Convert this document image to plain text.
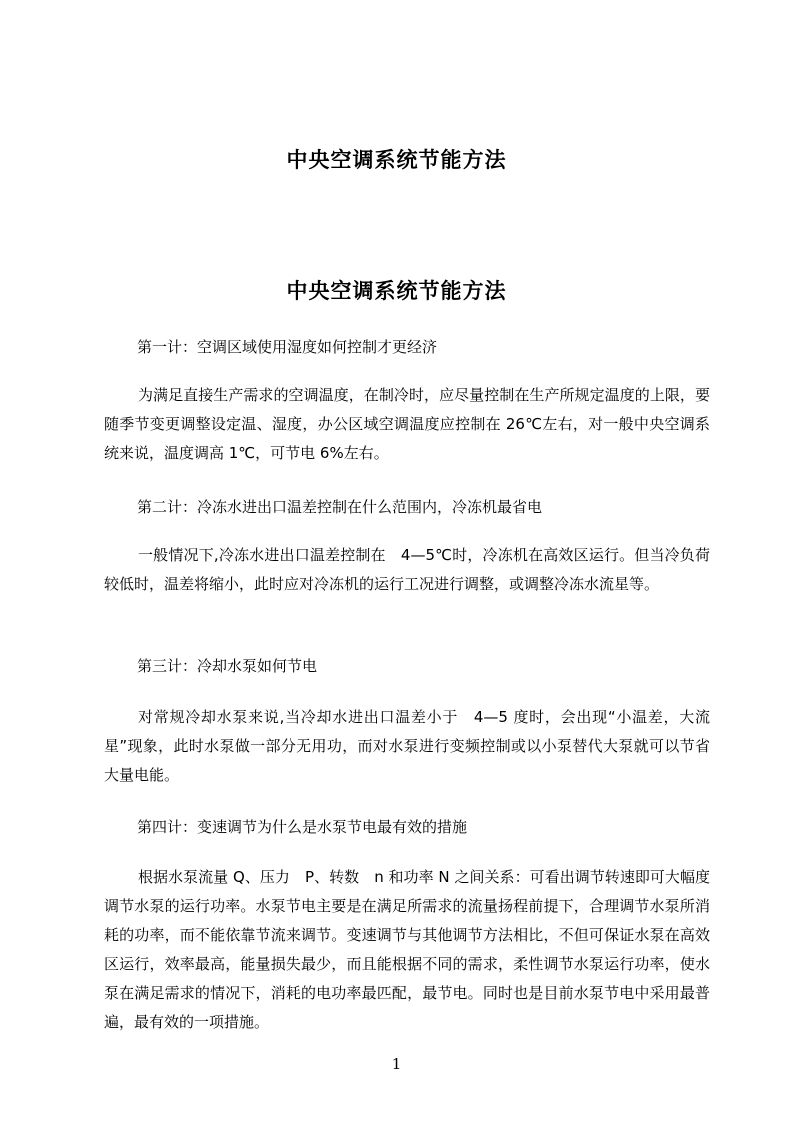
中央空调系统节能方法
中央空调系统节能方法

第一计：空调区域使用湿度如何控制才更经济

为满足直接生产需求的空调温度，在制冷时，应尽量控制在生产所规定温度的上限，要随季节变更调整设定温、湿度，办公区域空调温度应控制在 26℃左右，对一般中央空调系统来说，温度调高 1℃，可节电 6%左右。

第二计：冷冻水进出口温差控制在什么范围内，冷冻机最省电

一般情况下,冷冻水进出口温差控制在　4—5℃时，冷冻机在高效区运行。但当冷负荷较低时，温差将缩小，此时应对冷冻机的运行工况进行调整，或调整冷冻水流星等。

第三计：冷却水泵如何节电

对常规冷却水泵来说,当冷却水进出口温差小于　4—5 度时，会出现“小温差，大流星”现象，此时水泵做一部分无用功，而对水泵进行变频控制或以小泵替代大泵就可以节省大量电能。

第四计：变速调节为什么是水泵节电最有效的措施

根据水泵流量 Q、压力　P、转数　n 和功率 N 之间关系：可看出调节转速即可大幅度调节水泵的运行功率。水泵节电主要是在满足所需求的流量扬程前提下，合理调节水泵所消耗的功率，而不能依靠节流来调节。变速调节与其他调节方法相比，不但可保证水泵在高效区运行，效率最高，能量损失最少，而且能根据不同的需求，柔性调节水泵运行功率，使水泵在满足需求的情况下，消耗的电功率最匹配，最节电。同时也是目前水泵节电中采用最普遍，最有效的一项措施。

1
